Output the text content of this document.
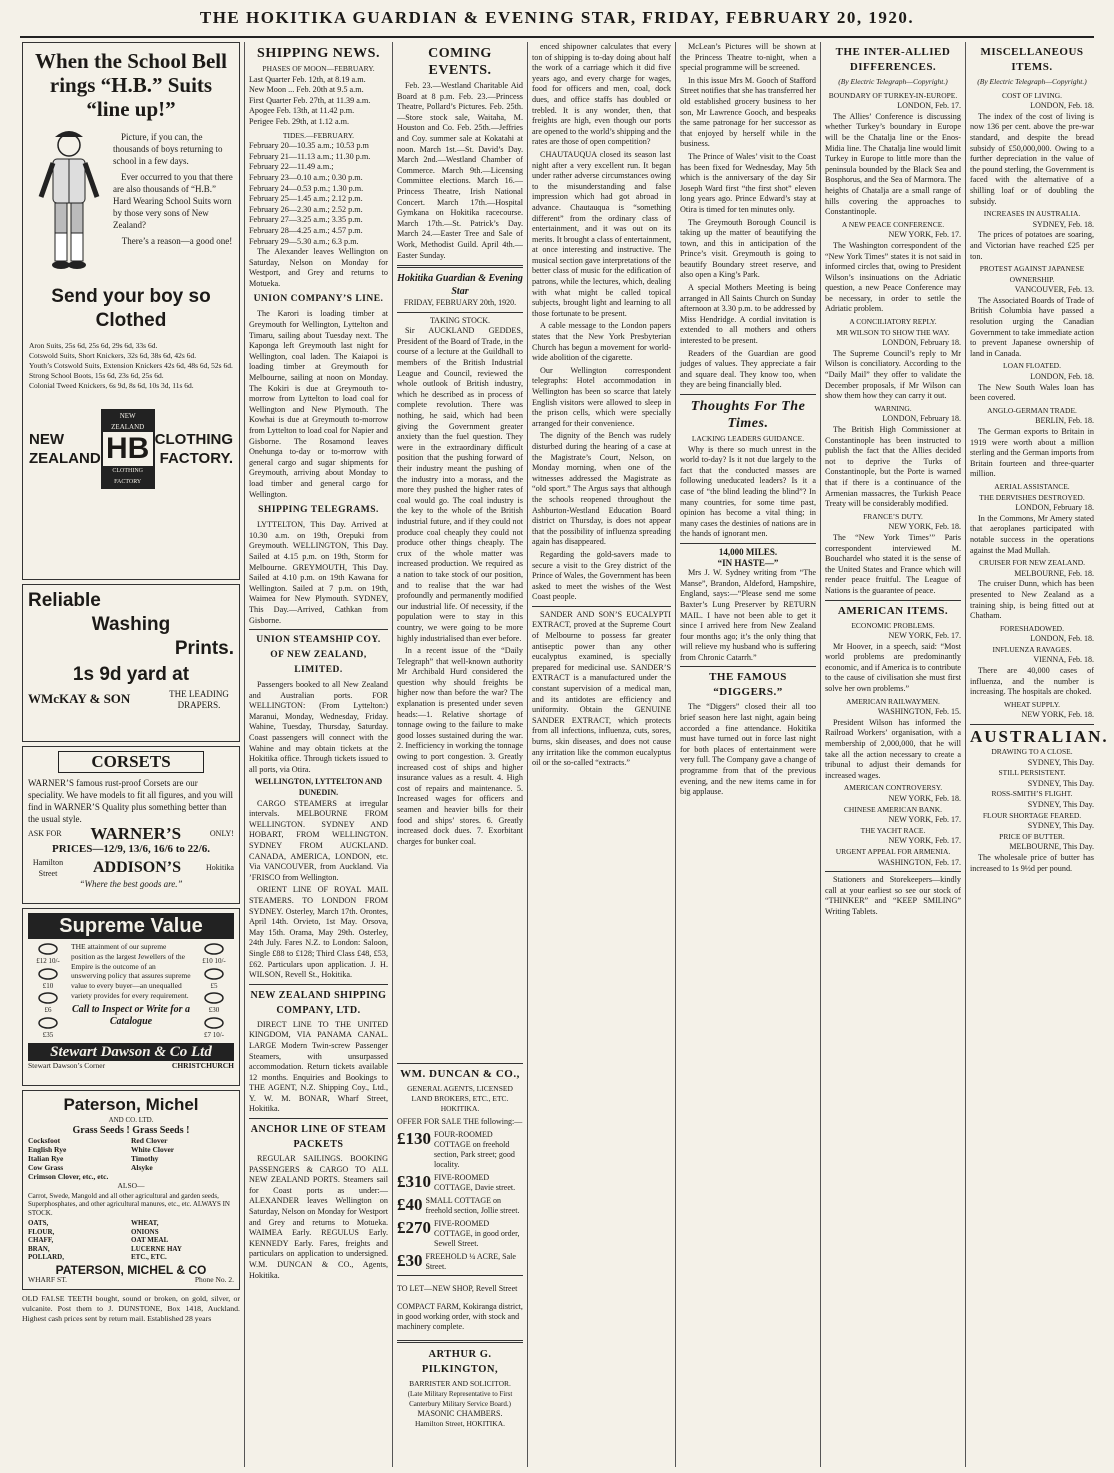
THE HOKITIKA GUARDIAN & EVENING STAR, FRIDAY, FEBRUARY 20, 1920.
When the School Bell rings “H.B.” Suits “line up!”

Picture, if you can, the thousands of boys returning to school in a few days.

Ever occurred to you that there are also thousands of “H.B.” Hard Wearing School Suits worn by those very sons of New Zealand?

There’s a reason—a good one!

Send your boy so Clothed
Aron Suits, 25s 6d, 25s 6d, 29s 6d, 33s 6d.
Cotswold Suits, Short Knickers, 32s 6d, 38s 6d, 42s 6d.
Youth’s Cotswold Suits, Extension Knickers 42s 6d, 48s 6d, 52s 6d.
Strong School Boots, 15s 6d, 23s 6d, 25s 6d.
Colonial Tweed Knickers, 6s 9d, 8s 6d, 10s 3d, 11s 6d.
NEW
ZEALAND
NEW ZEALAND
HB
CLOTHING FACTORY
CLOTHING
FACTORY.
Reliable
Washing
Prints.
1s 9d yard at
WMcKAY & SON	THE LEADING DRAPERS.
CORSETS
WARNER’S famous rust-proof Corsets are our speciality. We have models to fit all figures, and you will find in WARNER’S Quality plus something better than the usual style.
ASK FOR WARNER’S	ONLY!
PRICES—12/9, 13/6, 16/6 to 22/6.
Hamilton Street	ADDISON’S	Hokitika
“Where the best goods are.”
Supreme Value
£12 10/-
£10
£6
£35
THE attainment of our supreme position as the largest Jewellers of the Empire is the outcome of an unswerving policy that assures supreme value to every buyer—an unequalled variety provides for every requirement.
Call to Inspect or Write for a Catalogue
£10 10/-
£5
£30
£7 10/-
Stewart Dawson & Co Ltd
Stewart Dawson’s Corner	CHRISTCHURCH
Paterson, Michel
AND CO. LTD.
Grass Seeds ! Grass Seeds !
Cocksfoot	Red Clover
English Rye	White Clover
Italian Rye	Timothy
Cow Grass	Alsyke
Crimson Clover, etc., etc.
ALSO—
Carrot, Swede, Mangold and all other agricultural and garden seeds, Superphosphates, and other agricultural manures, etc., etc. ALWAYS IN STOCK.
OATS,	WHEAT,
FLOUR,	ONIONS
CHAFF,	OAT MEAL
BRAN,	LUCERNE HAY
POLLARD,	ETC., ETC.
PATERSON, MICHEL & CO
WHARF ST.	Phone No. 2.
OLD FALSE TEETH bought, sound or broken, on gold, silver, or vulcanite. Post them to J. DUNSTONE, Box 1418, Auckland. Highest cash prices sent by return mail. Established 28 years
SHIPPING NEWS.
PHASES OF MOON—FEBRUARY.
Last Quarter Feb. 12th, at 8.19 a.m.
New Moon ... Feb. 20th at 9.5 a.m.
First Quarter Feb. 27th, at 11.39 a.m.
Apogee Feb. 13th, at 11.42 p.m.
Perigee Feb. 29th, at 1.12 a.m.
TIDES.—FEBRUARY.
February 20—10.35 a.m.; 10.53 p.m
February 21—11.13 a.m.; 11.30 p.m.
February 22—11.49 a.m.;
February 23—0.10 a.m.; 0.30 p.m.
February 24—0.53 p.m.; 1.30 p.m.
February 25—1.45 a.m.; 2.12 p.m.
February 26—2.30 a.m.; 2.52 p.m.
February 27—3.25 a.m.; 3.35 p.m.
February 28—4.25 a.m.; 4.57 p.m.
February 29—5.30 a.m.; 6.3 p.m.

The Alexander leaves Wellington on Saturday, Nelson on Monday for Westport, and Grey and returns to Motueka.

UNION COMPANY’S LINE.

The Karori is loading timber at Greymouth for Wellington, Lyttelton and Timaru, sailing about Tuesday next. The Kaponga left Greymouth last night for Wellington, coal laden. The Kaiapoi is loading timber at Greymouth for Melbourne, sailing at noon on Monday. The Kokiri is due at Greymouth to-morrow from Lyttelton to load coal for Wellington and New Plymouth. The Kowhai is due at Greymouth to-morrow from Lyttelton to load coal for Napier and Gisborne. The Rosamond leaves Onehunga to-day or to-morrow with general cargo and sugar shipments for Greymouth, arriving about Monday to load timber and general cargo for Wellington.

SHIPPING TELEGRAMS.

LYTTELTON, This Day. Arrived at 10.30 a.m. on 19th, Orepuki from Greymouth. WELLINGTON, This Day. Sailed at 4.15 p.m. on 19th, Storm for Melbourne. GREYMOUTH, This Day. Sailed at 4.10 p.m. on 19th Kawana for Wellington. Sailed at 7 p.m. on 19th, Waimea for New Plymouth. SYDNEY, This Day.—Arrived, Cathkan from Gisborne.

UNION STEAMSHIP COY. OF NEW ZEALAND, LIMITED.

Passengers booked to all New Zealand and Australian ports. FOR WELLINGTON: (From Lyttelton:) Maranui, Monday, Wednesday, Friday. Wahine, Tuesday, Thursday, Saturday. Coast passengers will connect with the Wahine and may obtain tickets at the Hokitika office. Through tickets issued to all ports, via Otira.

WELLINGTON, LYTTELTON AND DUNEDIN.

CARGO STEAMERS at irregular intervals. MELBOURNE FROM WELLINGTON. SYDNEY AND HOBART, FROM WELLINGTON. SYDNEY FROM AUCKLAND. CANADA, AMERICA, LONDON, etc. Via VANCOUVER, from Auckland. Via ’FRISCO from Wellington.

ORIENT LINE OF ROYAL MAIL STEAMERS. TO LONDON FROM SYDNEY. Osterley, March 17th. Orontes, April 14th. Orvieto, 1st May. Orsova, May 15th. Orama, May 29th. Osterley, 24th July. Fares N.Z. to London: Saloon, Single £88 to £128; Third Class £48, £53, £62. Particulars upon application. J. H. WILSON, Revell St., Hokitika.

NEW ZEALAND SHIPPING COMPANY, LTD.

DIRECT LINE TO THE UNITED KINGDOM, VIA PANAMA CANAL. LARGE Modern Twin-screw Passenger Steamers, with unsurpassed accommodation. Return tickets available 12 months. Enquiries and Bookings to THE AGENT, N.Z. Shipping Coy., Ltd., Y. W. M. BONAR, Wharf Street, Hokitika.

ANCHOR LINE OF STEAM PACKETS

REGULAR SAILINGS. BOOKING PASSENGERS & CARGO TO ALL NEW ZEALAND PORTS. Steamers sail for Coast ports as under:— ALEXANDER leaves Wellington on Saturday, Nelson on Monday for Westport and Grey and returns to Motueka. WAIMEA Early. REGULUS Early. KENNEDY Early. Fares, freights and particulars on application to undersigned. W.M. DUNCAN & CO., Agents, Hokitika.

COMING EVENTS.

Feb. 23.—Westland Charitable Aid Board at 8 p.m. Feb. 23.—Princess Theatre, Pollard’s Pictures. Feb. 25th.—Store stock sale, Waitaha, M. Houston and Co. Feb. 25th.—Jeffries and Coy. summer sale at Kokatahi at noon. March 1st.—St. David’s Day. March 2nd.—Westland Chamber of Commerce. March 9th.—Licensing Committee elections. March 16.—Princess Theatre, Irish National Concert. March 17th.—Hospital Gymkana on Hokitika racecourse. March 17th.—St. Patrick’s Day. March 24.—Easter Tree and Sale of Work, Methodist Guild. April 4th.—Easter Sunday.

Hokitika Guardian & Evening Star
FRIDAY, FEBRUARY 20th, 1920.
TAKING STOCK.

Sir AUCKLAND GEDDES, President of the Board of Trade, in the course of a lecture at the Guildhall to members of the British Industrial League and Council, reviewed the whole outlook of British industry, which he described as in process of complete revolution. There was nothing, he said, which had been giving the Government greater anxiety than the fuel question. They were in the extraordinary difficult position that the pushing forward of their industry meant the pushing of the industry into a morass, and the more they pushed the higher rates of coal would go. The coal industry is the key to the whole of the British industrial future, and if they could not produce coal cheaply they could not produce other things cheaply. The crux of the whole matter was increased production. We required as a nation to take stock of our position, and to realise that the war had profoundly and permanently modified our industrial life. Of necessity, if the population were to stay in this country, we were going to be more highly industrialised than ever before.

In a recent issue of the “Daily Telegraph” that well-known authority Mr Archibald Hurd considered the question why should freights be higher now than before the war? The explanation is presented under seven heads:—1. Relative shortage of tonnage owing to the failure to make good losses sustained during the war. 2. Inefficiency in working the tonnage owing to port congestion. 3. Greatly increased cost of ships and higher insurance values as a result. 4. High cost of repairs and maintenance. 5. Increased wages for officers and seamen and heavier bills for their food and ships’ stores. 6. Greatly increased dock dues. 7. Exorbitant charges for bunker coal.

WM. DUNCAN & CO.,
GENERAL AGENTS, LICENSED LAND BROKERS, ETC., ETC. HOKITIKA.
OFFER FOR SALE THE following:—
£130 FOUR-ROOMED COTTAGE on freehold section, Park street; good locality.
£310 FIVE-ROOMED COTTAGE, Davie street.
£40 SMALL COTTAGE on freehold section, Jollie street.
£270 FIVE-ROOMED COTTAGE, in good order, Sewell Street.
£30 FREEHOLD ¼ ACRE, Sale Street.

TO LET—NEW SHOP, Revell Street

COMPACT FARM, Kokiranga district, in good working order, with stock and machinery complete.

ARTHUR G. PILKINGTON,
BARRISTER AND SOLICITOR.
(Late Military Representative to First Canterbury Military Service Board.)
MASONIC CHAMBERS.
Hamilton Street, HOKITIKA.

enced shipowner calculates that every ton of shipping is to-day doing about half the work of a carriage which it did five years ago, and every charge for wages, food for officers and men, coal, dock dues, and office staffs has doubled or trebled. It is any wonder, then, that freights are high, even though our ports are opened to the world’s shipping and the rates are those of open competition?

CHAUTAUQUA closed its season last night after a very excellent run. It began under rather adverse circumstances owing to the misunderstanding and false impression which had got abroad in advance. Chautauqua is “something different” from the ordinary class of entertainment, and it was out on its merits. It brought a class of entertainment, at once interesting and instructive. The musical section gave interpretations of the better class of music for the edification of patrons, while the lectures, which, dealing with what might be called topical subjects, brought light and learning to all those fortunate to be present.

A cable message to the London papers states that the New York Presbyterian Church has begun a movement for world-wide abolition of the cigarette.

Our Wellington correspondent telegraphs: Hotel accommodation in Wellington has been so scarce that lately English visitors were allowed to sleep in the prison cells, which were specially arranged for their convenience.

The dignity of the Bench was rudely disturbed during the hearing of a case at the Magistrate’s Court, Nelson, on Monday morning, when one of the witnesses addressed the Magistrate as “old sport.” The Argus says that although the schools reopened throughout the Ashburton-Westland Education Board district on Thursday, is does not appear that the possibility of influenza spreading again has disappeared.

Regarding the gold-savers made to secure a visit to the Grey district of the Prince of Wales, the Government has been asked to meet the wishes of the West Coast people.

SANDER AND SON’S EUCALYPTI EXTRACT, proved at the Supreme Court of Melbourne to possess far greater antiseptic power than any other eucalyptus examined, is specially prepared for medicinal use. SANDER’S EXTRACT is a manufactured under the constant supervision of a medical man, and its antidotes are efficiency and uniformity. Obtain the GENUINE SANDER EXTRACT, which protects from all infections, influenza, cuts, sores, burns, skin diseases, and does not cause any irritation like the common eucalyptus oil or the so-called “extracts.”

McLean’s Pictures will be shown at the Princess Theatre to-night, when a special programme will be screened.

In this issue Mrs M. Gooch of Stafford Street notifies that she has transferred her old established grocery business to her son, Mr Lawrence Gooch, and bespeaks the same patronage for her successor as that enjoyed by herself while in the business.

The Prince of Wales’ visit to the Coast has been fixed for Wednesday, May 5th which is the anniversary of the day Sir Joseph Ward first “the first shot” eleven long years ago. Prince Edward’s stay at Otira is timed for ten minutes only.

The Greymouth Borough Council is taking up the matter of beautifying the town, and this in anticipation of the Prince’s visit. Greymouth is going to beautify Boundary street reserve, and also open a King’s Park.

A special Mothers Meeting is being arranged in All Saints Church on Sunday afternoon at 3.30 p.m. to be addressed by Miss Hendridge. A cordial invitation is extended to all mothers and others interested to be present.

Readers of the Guardian are good judges of values. They appreciate a fair and square deal. They know too, when they are being financially bled.

Thoughts For The Times.
LACKING LEADERS GUIDANCE.

Why is there so much unrest in the world to-day? Is it not due largely to the fact that the conducted masses are following uneducated leaders? Is it a case of “the blind leading the blind”? In many countries, for some time past, opinion has become a vital thing; in many cases the destinies of nations are in the hands of ignorant men.

14,000 MILES.
“IN HASTE—”

Mrs J. W. Sydney writing from “The Manse”, Brandon, Aldeford, Hampshire, England, says:—“Please send me some Baxter’s Lung Preserver by RETURN MAIL. I have not been able to get it since I arrived here from New Zealand four months ago; it’s the only thing that will relieve my husband who is suffering from Chronic Catarrh.”

THE FAMOUS “DIGGERS.”

The “Diggers” closed their all too brief season here last night, again being accorded a fine attendance. Hokitika must have turned out in force last night for both places of entertainment were very full. The Company gave a change of programme from that of the previous evening, and the new items came in for big applause.

THE INTER-ALLIED DIFFERENCES.
(By Electric Telegraph—Copyright.)
BOUNDARY OF TURKEY-IN-EUROPE.
LONDON, Feb. 17.

The Allies’ Conference is discussing whether Turkey’s boundary in Europe will be the Chatalja line or the Enos-Midia line. The Chatalja line would limit Turkey in Europe to little more than the peninsula bounded by the Black Sea and Bosphorus, and the Sea of Marmora. The heights of Chatalja are a small range of hills covering the approaches to Constantinople.

A NEW PEACE CONFERENCE.
NEW YORK, Feb. 17.

The Washington correspondent of the “New York Times” states it is not said in informed circles that, owing to President Wilson’s insinuations on the Adriatic question, a new Peace Conference may be necessary, in order to settle the Adriatic problem.

A CONCILIATORY REPLY.
MR WILSON TO SHOW THE WAY.
LONDON, February 18.

The Supreme Council’s reply to Mr Wilson is conciliatory. According to the “Daily Mail” they offer to validate the December proposals, if Mr Wilson can show them how they can carry it out.

WARNING.
LONDON, February 18.

The British High Commissioner at Constantinople has been instructed to publish the fact that the Allies decided not to deprive the Turks of Constantinople, but the Porte is warned that if there is a continuance of the Armenian massacres, the Turkish Peace Treaty will be considerably modified.

FRANCE’S DUTY.
NEW YORK, Feb. 18.

The “New York Times’” Paris correspondent interviewed M. Bouchardel who stated it is the sense of the United States and France which will render peace fruitful. The League of Nations is the guarantee of peace.

AMERICAN ITEMS.
ECONOMIC PROBLEMS.
NEW YORK, Feb. 17.

Mr Hoover, in a speech, said: “Most world problems are predominantly economic, and if America is to contribute to the cause of civilisation she must first solve her own problems.”

AMERICAN RAILWAYMEN.
WASHINGTON, Feb. 15.

President Wilson has informed the Railroad Workers’ organisation, with a membership of 2,000,000, that he will take all the action necessary to create a tribunal to adjust their demands for increased wages.

AMERICAN CONTROVERSY.
NEW YORK, Feb. 18.
CHINESE AMERICAN BANK.
NEW YORK, Feb. 17.
THE YACHT RACE.
NEW YORK, Feb. 17.
URGENT APPEAL FOR ARMENIA.
WASHINGTON, Feb. 17.

Stationers and Storekeepers—kindly call at your earliest so see our stock of “THINKER” and “KEEP SMILING” Writing Tablets.

MISCELLANEOUS ITEMS.
(By Electric Telegraph—Copyright.)
COST OF LIVING.
LONDON, Feb. 18.

The index of the cost of living is now 136 per cent. above the pre-war standard, and despite the bread subsidy of £50,000,000. Owing to a further depreciation in the value of the pound sterling, the Government is faced with the alternative of a shilling loaf or of doubling the subsidy.

INCREASES IN AUSTRALIA.
SYDNEY, Feb. 18.

The prices of potatoes are soaring, and Victorian have reached £25 per ton.

PROTEST AGAINST JAPANESE OWNERSHIP.
VANCOUVER, Feb. 13.

The Associated Boards of Trade of British Columbia have passed a resolution urging the Canadian Government to take immediate action to prevent Japanese ownership of land in Canada.

LOAN FLOATED.
LONDON, Feb. 18.

The New South Wales loan has been covered.

ANGLO-GERMAN TRADE.
BERLIN, Feb. 18.

The German exports to Britain in 1919 were worth about a million sterling and the German imports from Britain fourteen and three-quarter million.

AERIAL ASSISTANCE.
THE DERVISHES DESTROYED.
LONDON, February 18.

In the Commons, Mr Amery stated that aeroplanes participated with notable success in the operations against the Mad Mullah.

CRUISER FOR NEW ZEALAND.
MELBOURNE, Feb. 18.

The cruiser Dunn, which has been presented to New Zealand as a training ship, is being fitted out at Chatham.

FORESHADOWED.
LONDON, Feb. 18.
INFLUENZA RAVAGES.
VIENNA, Feb. 18.

There are 40,000 cases of influenza, and the number is increasing. The hospitals are choked.

WHEAT SUPPLY.
NEW YORK, Feb. 18.
AUSTRALIAN.
DRAWING TO A CLOSE.
SYDNEY, This Day.
STILL PERSISTENT.
SYDNEY, This Day.
ROSS-SMITH’S FLIGHT.
SYDNEY, This Day.
FLOUR SHORTAGE FEARED.
SYDNEY, This Day.
PRICE OF BUTTER.
MELBOURNE, This Day.

The wholesale price of butter has increased to 1s 9½d per pound.
